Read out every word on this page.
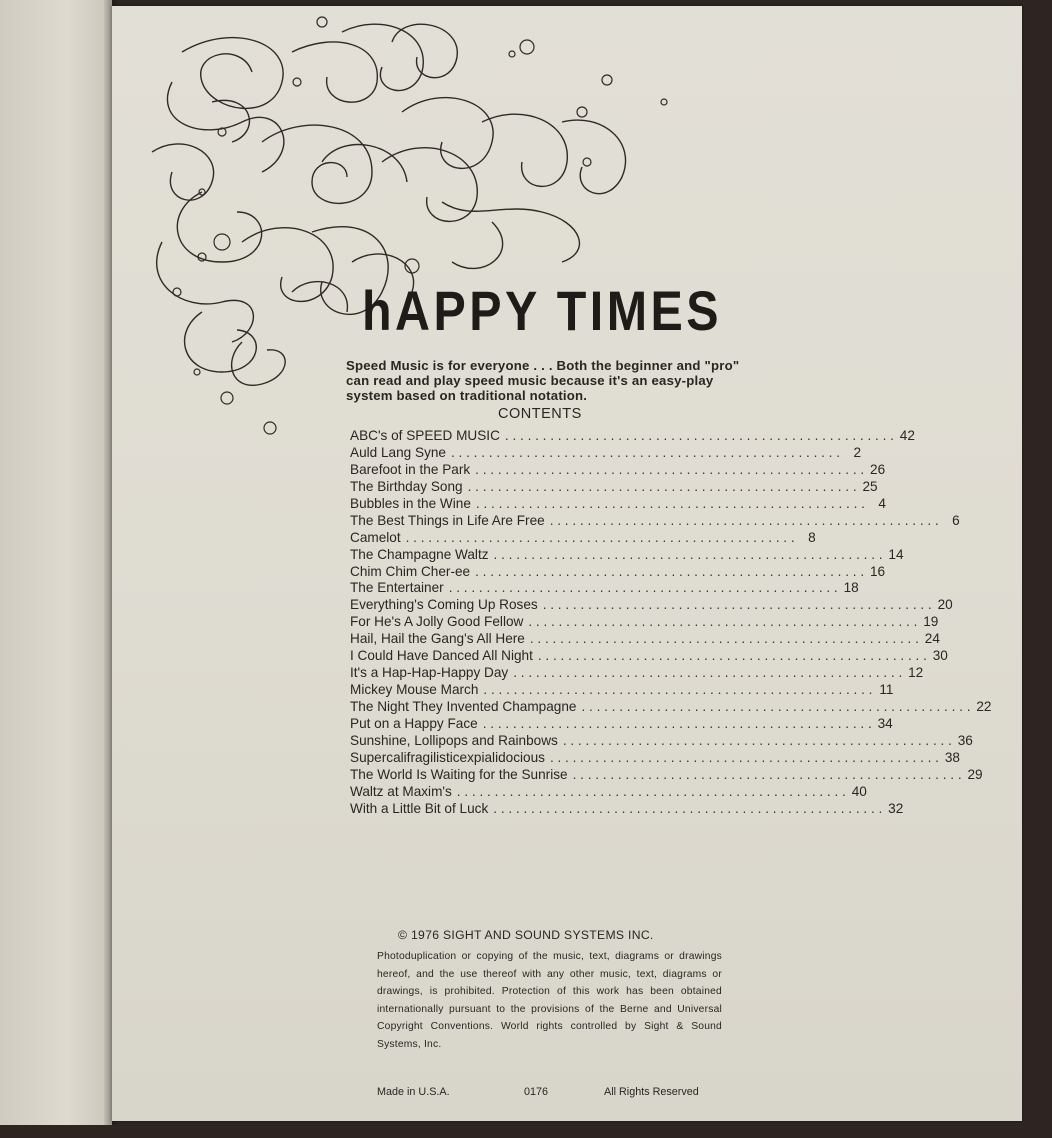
hAPPY TIMES
Speed Music is for everyone . . . Both the beginner and "pro" can read and play speed music because it's an easy-play system based on traditional notation.
CONTENTS
ABC's of SPEED MUSIC . . .	42
Auld Lang Syne . . .	2
Barefoot in the Park . . .	26
The Birthday Song . . .	25
Bubbles in the Wine . . .	4
The Best Things in Life Are Free . . .	6
Camelot . . .	8
The Champagne Waltz . . .	14
Chim Chim Cher-ee . . .	16
The Entertainer . . .	18
Everything's Coming Up Roses . . .	20
For He's A Jolly Good Fellow . . .	19
Hail, Hail the Gang's All Here . . .	24
I Could Have Danced All Night . . .	30
It's a Hap-Hap-Happy Day . . .	12
Mickey Mouse March . . .	11
The Night They Invented Champagne . . .	22
Put on a Happy Face . . .	34
Sunshine, Lollipops and Rainbows . . .	36
Supercalifragilisticexpialidocious . . .	38
The World Is Waiting for the Sunrise . . .	29
Waltz at Maxim's . . .	40
With a Little Bit of Luck . . .	32
© 1976 SIGHT AND SOUND SYSTEMS INC.
Photoduplication or copying of the music, text, diagrams or drawings hereof, and the use thereof with any other music, text, diagrams or drawings, is prohibited. Protection of this work has been obtained internationally pursuant to the provisions of the Berne and Universal Copyright Conventions. World rights controlled by Sight & Sound Systems, Inc.
Made in U.S.A.	0176	All Rights Reserved
